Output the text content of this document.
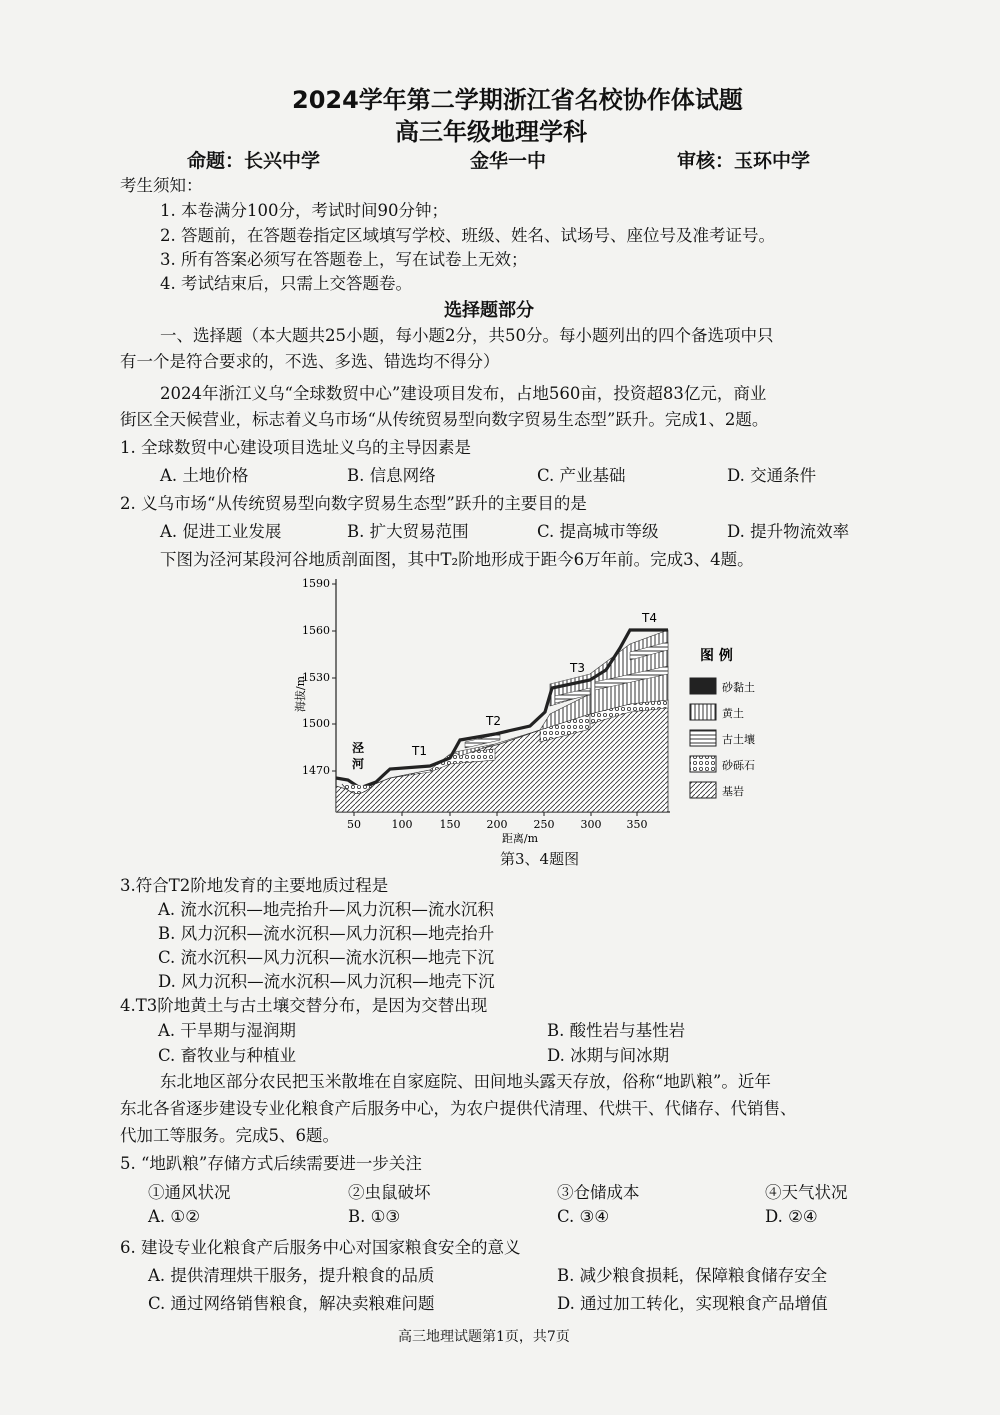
2024学年第二学期浙江省名校协作体试题
高三年级地理学科
命题：长兴中学	金华一中	审核：玉环中学
考生须知：
1. 本卷满分100分，考试时间90分钟；
2. 答题前，在答题卷指定区域填写学校、班级、姓名、试场号、座位号及准考证号。
3. 所有答案必须写在答题卷上，写在试卷上无效；
4. 考试结束后，只需上交答题卷。
选择题部分
一、选择题（本大题共25小题，每小题2分，共50分。每小题列出的四个备选项中只
有一个是符合要求的，不选、多选、错选均不得分）
2024年浙江义乌“全球数贸中心”建设项目发布，占地560亩，投资超83亿元，商业
街区全天候营业，标志着义乌市场“从传统贸易型向数字贸易生态型”跃升。完成1、2题。
1. 全球数贸中心建设项目选址义乌的主导因素是
A. 土地价格	B. 信息网络	C. 产业基础	D. 交通条件
2. 义乌市场“从传统贸易型向数字贸易生态型”跃升的主要目的是
A. 促进工业发展	B. 扩大贸易范围	C. 提高城市等级	D. 提升物流效率
下图为泾河某段河谷地质剖面图，其中T₂阶地形成于距今6万年前。完成3、4题。
1590
1560
1530
1500
1470
海拔/m
50	100 150 200 250 300 350
距离/m
泾
河
T1
T2
T3
T4
图 例
砂黏土
黄土
古土壤
砂砾石
基岩
第3、4题图
3.符合T2阶地发育的主要地质过程是
A. 流水沉积—地壳抬升—风力沉积—流水沉积
B. 风力沉积—流水沉积—风力沉积—地壳抬升
C. 流水沉积—风力沉积—流水沉积—地壳下沉
D. 风力沉积—流水沉积—风力沉积—地壳下沉
4.T3阶地黄土与古土壤交替分布，是因为交替出现
A. 干旱期与湿润期	B. 酸性岩与基性岩
C. 畜牧业与种植业	D. 冰期与间冰期
东北地区部分农民把玉米散堆在自家庭院、田间地头露天存放，俗称“地趴粮”。近年
东北各省逐步建设专业化粮食产后服务中心，为农户提供代清理、代烘干、代储存、代销售、
代加工等服务。完成5、6题。
5. “地趴粮”存储方式后续需要进一步关注
①通风状况	②虫鼠破坏	③仓储成本	④天气状况
A. ①②	B. ①③	C. ③④	D. ②④
6. 建设专业化粮食产后服务中心对国家粮食安全的意义
A. 提供清理烘干服务，提升粮食的品质	B. 减少粮食损耗，保障粮食储存安全
C. 通过网络销售粮食，解决卖粮难问题	D. 通过加工转化，实现粮食产品增值
高三地理试题第1页，共7页
